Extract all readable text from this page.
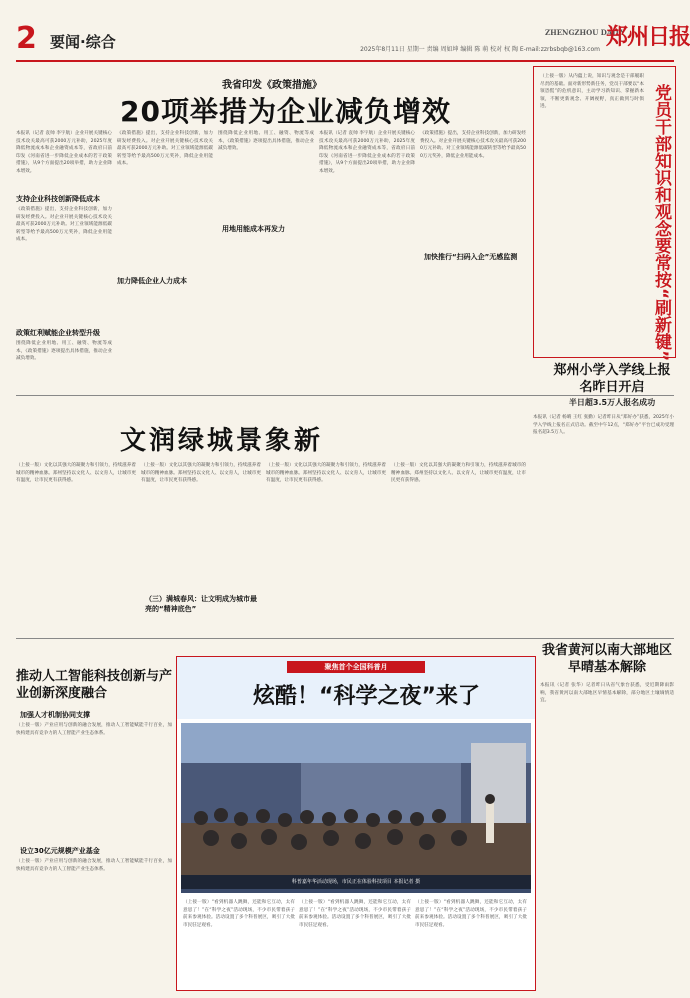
2 要闻·综合
ZHENGZHOU DAILY
郑州日报
2025年8月11日 星期一 责编 周如坤 编辑 陈 萌 校对 权 陶 E-mail:zzrbsbqb@163.com
我省印发《政策措施》
20项举措为企业减负增效
本报讯（记者 袁帅 李宇航）企业开展关键核心技术攻关最高可获2000万元补助，2025年度降低物流成本和企业融资成本等，省政府日前印发《河南省进一步降低企业成本的若干政策措施》，从9个方面提出20项举措，助力企业降本增效。
支持企业科技创新降低成本
《政策措施》提出，支持企业科技创新，加力研发经费投入。对企业开展关键核心技术攻关最高可获2000万元补助。对工业领域能源低碳转型等给予最高500万元奖补，降低企业用能成本。
政策红利赋能企业转型升级
围绕降低企业用地、用工、融资、物流等成本，《政策措施》逐项提出具体措施，推动企业减负增效。
《政策措施》提出，支持企业科技创新，加力研发经费投入。对企业开展关键核心技术攻关最高可获2000万元补助。对工业领域能源低碳转型等给予最高500万元奖补，降低企业用能成本。
加力降低企业人力成本
围绕降低企业用地、用工、融资、物流等成本，《政策措施》逐项提出具体措施，推动企业减负增效。
用地用能成本再发力
本报讯（记者 袁帅 李宇航）企业开展关键核心技术攻关最高可获2000万元补助，2025年度降低物流成本和企业融资成本等，省政府日前印发《河南省进一步降低企业成本的若干政策措施》，从9个方面提出20项举措，助力企业降本增效。
《政策措施》提出，支持企业科技创新，加力研发经费投入。对企业开展关键核心技术攻关最高可获2000万元补助。对工业领域能源低碳转型等给予最高500万元奖补，降低企业用能成本。
加快推行“扫码入企”无感监测
（上接一版）从内蕴上说，知识与观念是干部履职尽责的基础。面对新形势新任务，党员干部要以“本领恐慌”的危机意识，主动学习新知识、掌握新本领，不断更新观念、开阔视野，真正做到与时俱进。	党员干部知识和观念要常按“刷新键”
文润绿城景象新
（上接一版）文化以其强大的凝聚力和引领力，持续滋养着城市的精神血脉。郑州坚持以文化人、以文育人，让城市更有温度，让市民更有获得感。
（上接一版）文化以其强大的凝聚力和引领力，持续滋养着城市的精神血脉。郑州坚持以文化人、以文育人，让城市更有温度，让市民更有获得感。
（三）满城春风：让文明成为城市最亮的“精神底色”
（上接一版）文化以其强大的凝聚力和引领力，持续滋养着城市的精神血脉。郑州坚持以文化人、以文育人，让城市更有温度，让市民更有获得感。
（上接一版）文化以其强大的凝聚力和引领力，持续滋养着城市的精神血脉。郑州坚持以文化人、以文育人，让城市更有温度，让市民更有获得感。
郑州小学入学线上报名昨日开启
半日超3.5万人报名成功
本报讯（记者 杨晴 王红 张勤）记者昨日从“郑好办”获悉，2025年小学入学线上报名正式启动。截至中午12点，“郑好办”平台已成功受理报名超3.5万人。
推动人工智能科技创新与产业创新深度融合
加强人才机制协同支撑
（上接一版）产业应用与创新的融合发展，推动人工智能赋能千行百业，加快构建具有竞争力的人工智能产业生态体系。
设立30亿元规模产业基金
（上接一版）产业应用与创新的融合发展，推动人工智能赋能千行百业，加快构建具有竞争力的人工智能产业生态体系。
聚焦首个全国科普月
炫酷！“科学之夜”来了
科普嘉年华活动现场，市民正在体验科技项目 本报记者 摄
（上接一版）“看到机器人跳舞，还能和它互动，太有意思了！”在“科学之夜”活动现场，不少市民带着孩子前来参观体验。活动设置了多个科普展区，吸引了大批市民驻足观看。
（上接一版）“看到机器人跳舞，还能和它互动，太有意思了！”在“科学之夜”活动现场，不少市民带着孩子前来参观体验。活动设置了多个科普展区，吸引了大批市民驻足观看。
（上接一版）“看到机器人跳舞，还能和它互动，太有意思了！”在“科学之夜”活动现场，不少市民带着孩子前来参观体验。活动设置了多个科普展区，吸引了大批市民驻足观看。
我省黄河以南大部地区早晴基本解除
本报讯（记者 张华）记者昨日从省气象台获悉，受近期降雨影响，我省黄河以南大部地区早情基本解除，部分地区土壤墒情适宜。
